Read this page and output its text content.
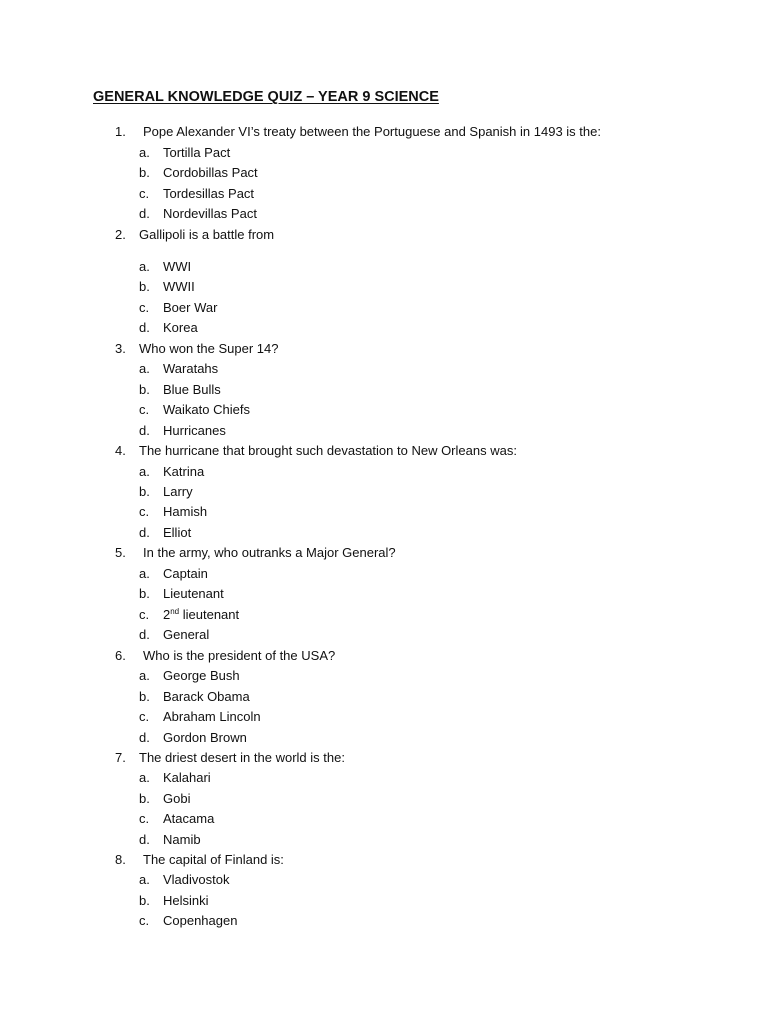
GENERAL KNOWLEDGE QUIZ – YEAR 9 SCIENCE
1. Pope Alexander VI’s treaty between the Portuguese and Spanish in 1493 is the:
a. Tortilla Pact
b. Cordobillas Pact
c. Tordesillas Pact
d. Nordevillas Pact
2. Gallipoli is a battle from
a. WWI
b. WWII
c. Boer War
d. Korea
3. Who won the Super 14?
a. Waratahs
b. Blue Bulls
c. Waikato Chiefs
d. Hurricanes
4. The hurricane that brought such devastation to New Orleans was:
a. Katrina
b. Larry
c. Hamish
d. Elliot
5. In the army, who outranks a Major General?
a. Captain
b. Lieutenant
c. 2nd lieutenant
d. General
6. Who is the president of the USA?
a. George Bush
b. Barack Obama
c. Abraham Lincoln
d. Gordon Brown
7. The driest desert in the world is the:
a. Kalahari
b. Gobi
c. Atacama
d. Namib
8. The capital of Finland is:
a. Vladivostok
b. Helsinki
c. Copenhagen
